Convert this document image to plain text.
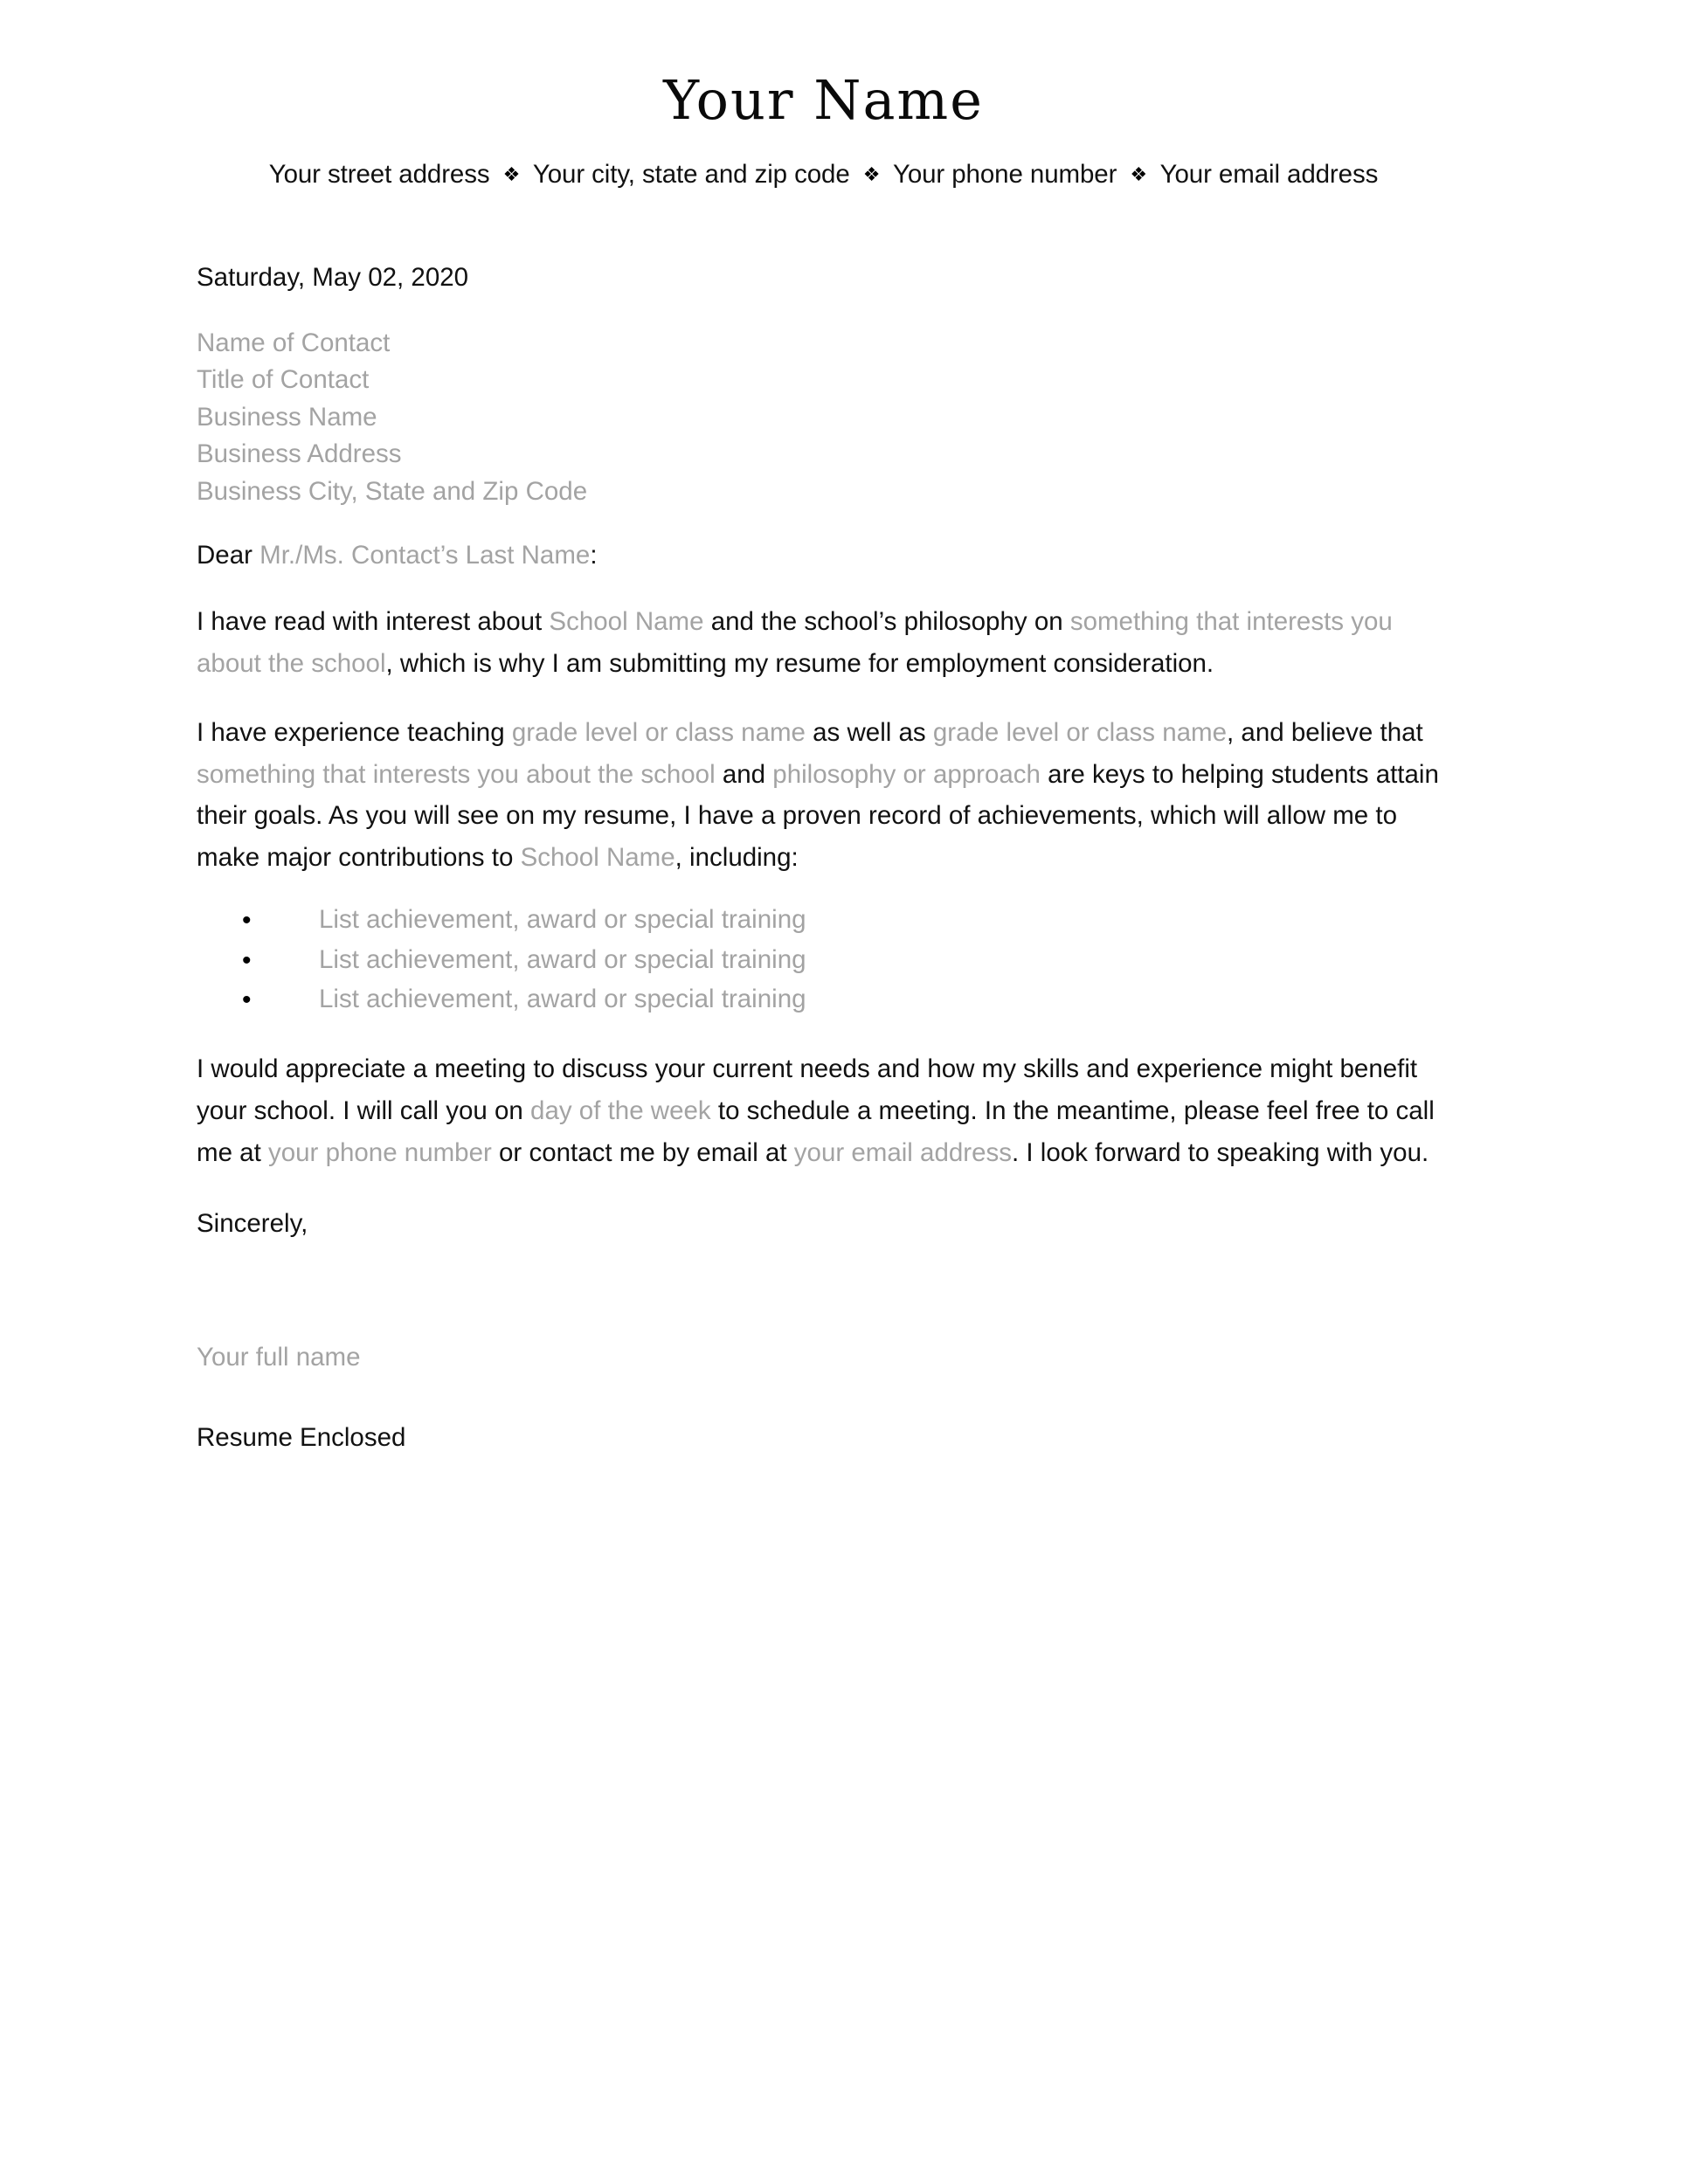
Your Name

Your street address ❖ Your city, state and zip code ❖ Your phone number ❖ Your email address

Saturday, May 02, 2020

Name of Contact
Title of Contact
Business Name
Business Address
Business City, State and Zip Code

Dear Mr./Ms. Contact’s Last Name:

I have read with interest about School Name and the school’s philosophy on something that interests you about the school, which is why I am submitting my resume for employment consideration.

I have experience teaching grade level or class name as well as grade level or class name, and believe that something that interests you about the school and philosophy or approach are keys to helping students attain their goals. As you will see on my resume, I have a proven record of achievements, which will allow me to make major contributions to School Name, including:

•	List achievement, award or special training
•	List achievement, award or special training
•	List achievement, award or special training

I would appreciate a meeting to discuss your current needs and how my skills and experience might benefit your school. I will call you on day of the week to schedule a meeting. In the meantime, please feel free to call me at your phone number or contact me by email at your email address. I look forward to speaking with you.

Sincerely,

Your full name

Resume Enclosed
